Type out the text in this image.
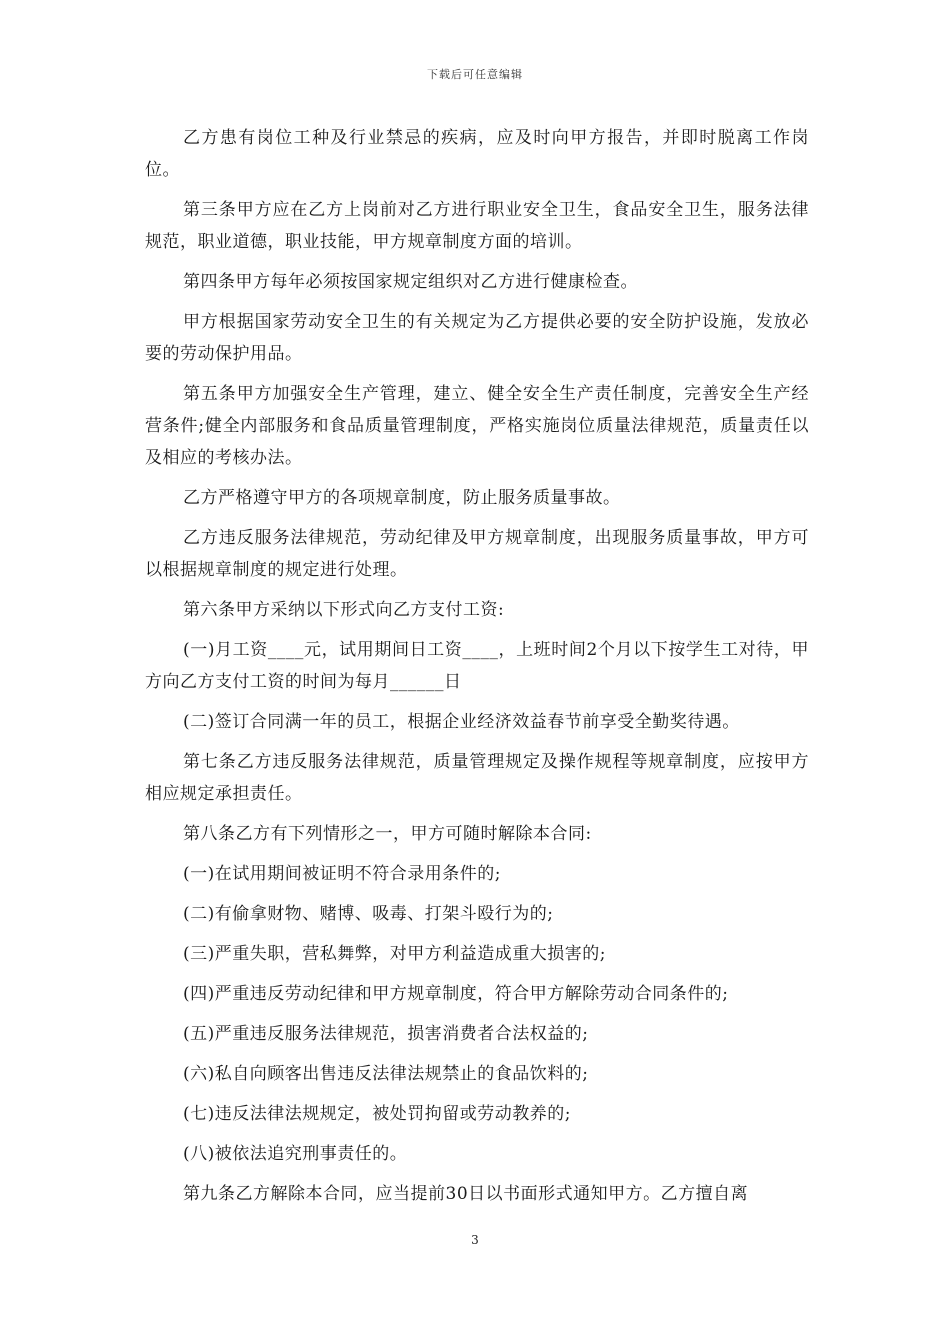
下载后可任意编辑

乙方患有岗位工种及行业禁忌的疾病，应及时向甲方报告，并即时脱离工作岗位。

第三条甲方应在乙方上岗前对乙方进行职业安全卫生，食品安全卫生，服务法律规范，职业道德，职业技能，甲方规章制度方面的培训。

第四条甲方每年必须按国家规定组织对乙方进行健康检查。

甲方根据国家劳动安全卫生的有关规定为乙方提供必要的安全防护设施，发放必要的劳动保护用品。

第五条甲方加强安全生产管理，建立、健全安全生产责任制度，完善安全生产经营条件;健全内部服务和食品质量管理制度，严格实施岗位质量法律规范，质量责任以及相应的考核办法。

乙方严格遵守甲方的各项规章制度，防止服务质量事故。

乙方违反服务法律规范，劳动纪律及甲方规章制度，出现服务质量事故，甲方可以根据规章制度的规定进行处理。

第六条甲方采纳以下形式向乙方支付工资:

(一)月工资____元，试用期间日工资____，上班时间2个月以下按学生工对待，甲方向乙方支付工资的时间为每月______日

(二)签订合同满一年的员工，根据企业经济效益春节前享受全勤奖待遇。

第七条乙方违反服务法律规范，质量管理规定及操作规程等规章制度，应按甲方相应规定承担责任。

第八条乙方有下列情形之一，甲方可随时解除本合同:

(一)在试用期间被证明不符合录用条件的;

(二)有偷拿财物、赌博、吸毒、打架斗殴行为的;

(三)严重失职，营私舞弊，对甲方利益造成重大损害的;

(四)严重违反劳动纪律和甲方规章制度，符合甲方解除劳动合同条件的;

(五)严重违反服务法律规范，损害消费者合法权益的;

(六)私自向顾客出售违反法律法规禁止的食品饮料的;

(七)违反法律法规规定，被处罚拘留或劳动教养的;

(八)被依法追究刑事责任的。

第九条乙方解除本合同，应当提前30日以书面形式通知甲方。乙方擅自离

3
